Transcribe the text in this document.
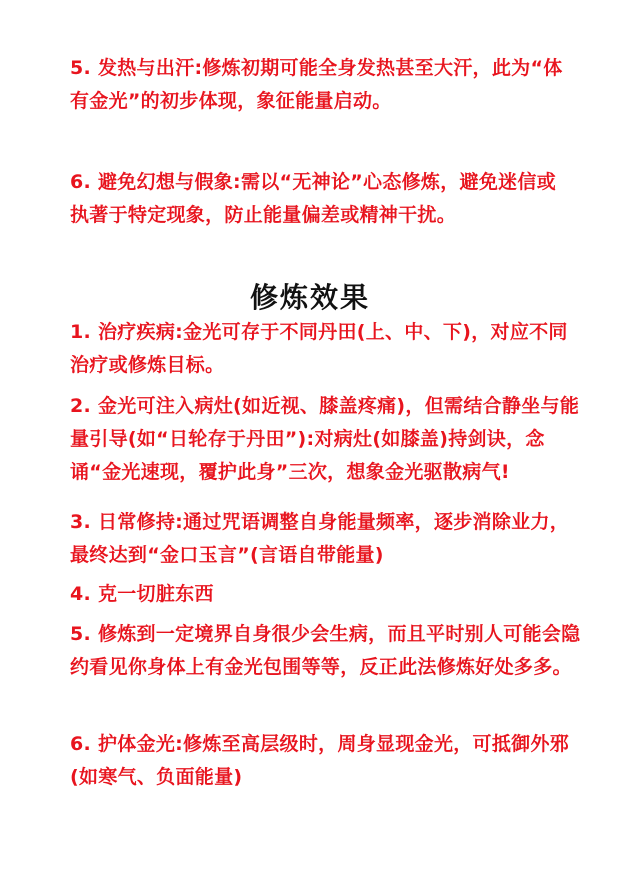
5. 发热与出汗:修炼初期可能全身发热甚至大汗，此为“体
有金光”的初步体现，象征能量启动。
6. 避免幻想与假象:需以“无神论”心态修炼，避免迷信或
执著于特定现象，防止能量偏差或精神干扰。
修炼效果
1. 治疗疾病:金光可存于不同丹田(上、中、下)，对应不同
治疗或修炼目标。
2. 金光可注入病灶(如近视、膝盖疼痛)，但需结合静坐与能
量引导(如“日轮存于丹田”):对病灶(如膝盖)持剑诀，念
诵“金光速现，覆护此身”三次，想象金光驱散病气!
3. 日常修持:通过咒语调整自身能量频率，逐步消除业力，
最终达到“金口玉言”(言语自带能量)
4. 克一切脏东西
5. 修炼到一定境界自身很少会生病，而且平时别人可能会隐
约看见你身体上有金光包围等等，反正此法修炼好处多多。
6. 护体金光:修炼至高层级时，周身显现金光，可抵御外邪
(如寒气、负面能量)
